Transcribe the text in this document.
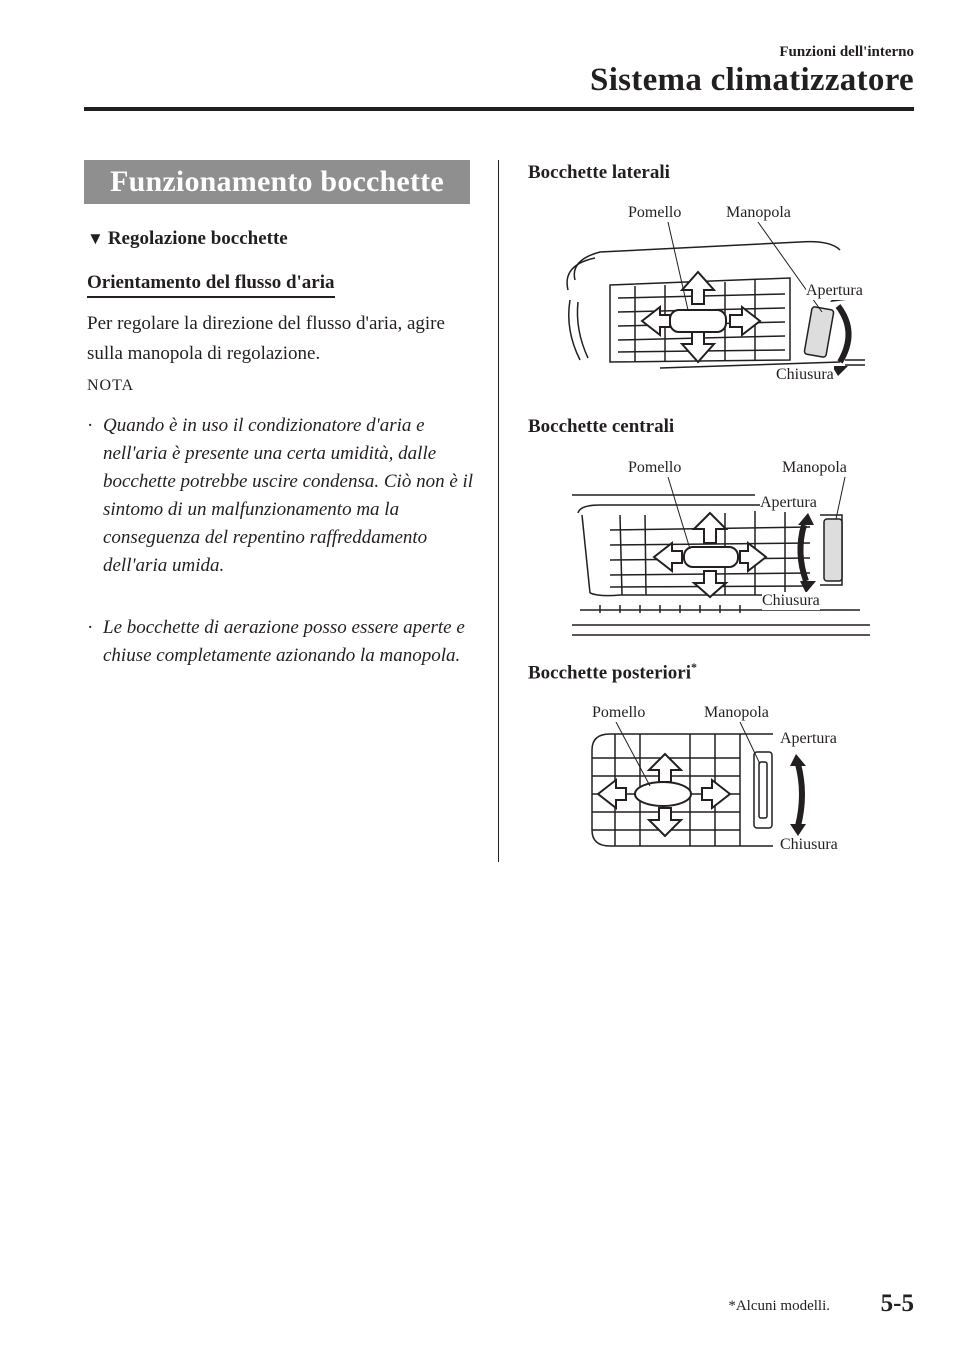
Funzioni dell'interno
Sistema climatizzatore
Funzionamento bocchette
▼ Regolazione bocchette
Orientamento del flusso d'aria
Per regolare la direzione del flusso d'aria, agire sulla manopola di regolazione.
NOTA
· Quando è in uso il condizionatore d'aria e nell'aria è presente una certa umidità, dalle bocchette potrebbe uscire condensa. Ciò non è il sintomo di un malfunzionamento ma la conseguenza del repentino raffreddamento dell'aria umida.
· Le bocchette di aerazione posso essere aperte e chiuse completamente azionando la manopola.
Bocchette laterali
Pomello	Manopola
Apertura
Chiusura
Bocchette centrali
Pomello	Manopola
Apertura
Chiusura
Bocchette posteriori*
Pomello	Manopola
Apertura
Chiusura
*Alcuni modelli. 5-5
